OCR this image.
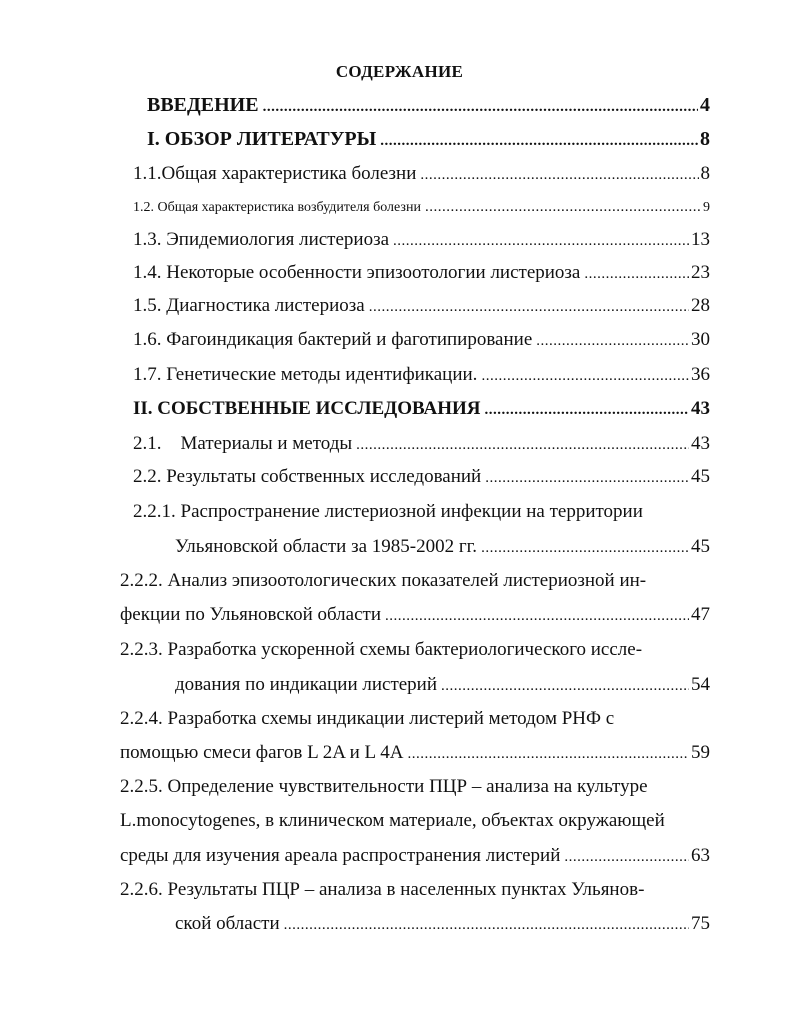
СОДЕРЖАНИЕ
ВВЕДЕНИЕ .....	4
I. ОБЗОР ЛИТЕРАТУРЫ .....	8
1.1.Общая характеристика болезни .....	8
1.2. Общая характеристика возбудителя болезни .....	9
1.3. Эпидемиология листериоза .....	13
1.4. Некоторые особенности эпизоотологии листериоза .....	23
1.5. Диагностика листериоза .....	28
1.6. Фагоиндикация бактерий и фаготипирование .....	30
1.7. Генетические методы идентификации. .....	36
II. СОБСТВЕННЫЕ ИССЛЕДОВАНИЯ .....	43
2.1.    Материалы и методы .....	43
2.2. Результаты собственных исследований .....	45
2.2.1. Распространение листериозной инфекции на территории
Ульяновской области за 1985-2002 гг. .....	45
2.2.2. Анализ эпизоотологических показателей листериозной ин-
фекции по Ульяновской области .....	47
2.2.3. Разработка ускоренной схемы бактериологического иссле-
дования по индикации листерий .....	54
2.2.4. Разработка схемы индикации листерий методом РНФ с
помощью смеси фагов L 2A и L 4A .....	59
2.2.5. Определение чувствительности ПЦР – анализа на культуре
L.monocytogenes, в клиническом материале, объектах окружающей
среды для изучения ареала распространения листерий .....	63
2.2.6. Результаты ПЦР – анализа в населенных пунктах Ульянов-
ской области .....	75
